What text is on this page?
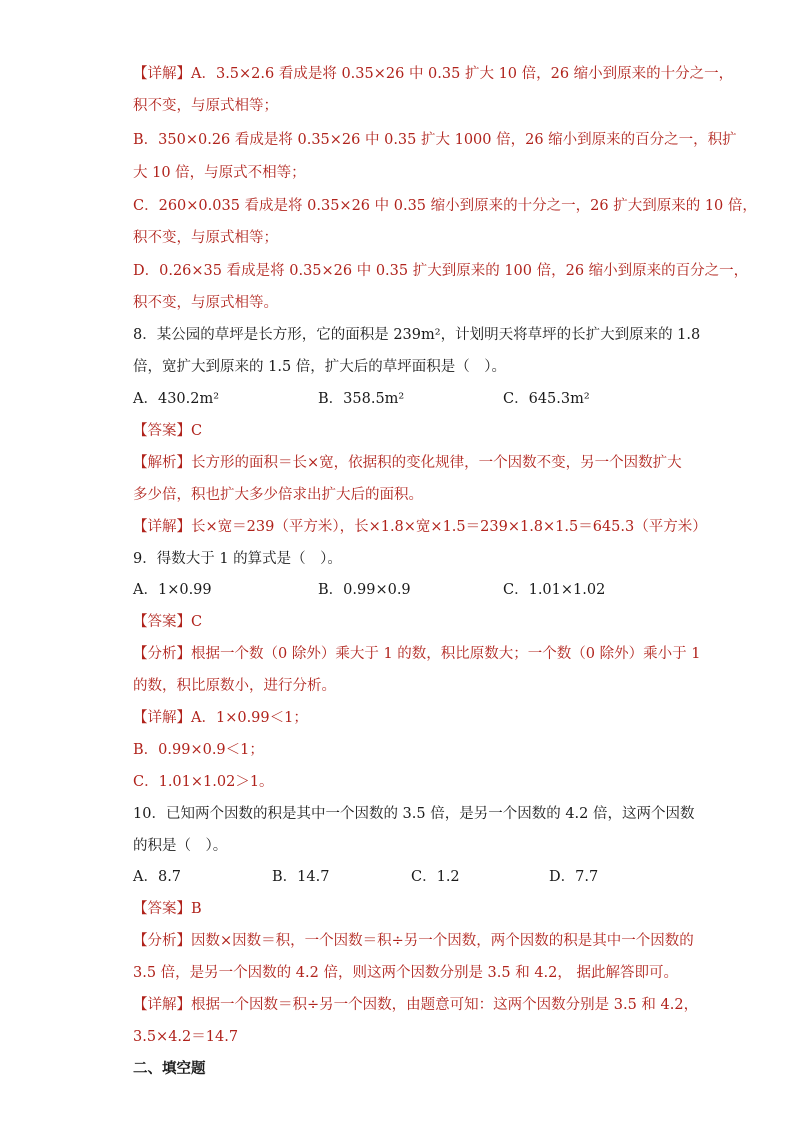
【详解】A．3.5×2.6 看成是将 0.35×26 中 0.35 扩大 10 倍，26 缩小到原来的十分之一，
积不变，与原式相等；
B．350×0.26 看成是将 0.35×26 中 0.35 扩大 1000 倍，26 缩小到原来的百分之一，积扩
大 10 倍，与原式不相等；
C．260×0.035 看成是将 0.35×26 中 0.35 缩小到原来的十分之一，26 扩大到原来的 10 倍，
积不变，与原式相等；
D．0.26×35 看成是将 0.35×26 中 0.35 扩大到原来的 100 倍，26 缩小到原来的百分之一，
积不变，与原式相等。
8．某公园的草坪是长方形，它的面积是 239m²，计划明天将草坪的长扩大到原来的 1.8
倍，宽扩大到原来的 1.5 倍，扩大后的草坪面积是（　）。
A．430.2m²	B．358.5m²	C．645.3m²
【答案】C
【解析】长方形的面积＝长×宽，依据积的变化规律，一个因数不变，另一个因数扩大
多少倍，积也扩大多少倍求出扩大后的面积。
【详解】长×宽＝239（平方米），长×1.8×宽×1.5＝239×1.8×1.5＝645.3（平方米）
9．得数大于 1 的算式是（　）。
A．1×0.99	B．0.99×0.9	C．1.01×1.02
【答案】C
【分析】根据一个数（0 除外）乘大于 1 的数，积比原数大；一个数（0 除外）乘小于 1
的数，积比原数小，进行分析。
【详解】A．1×0.99＜1；
B．0.99×0.9＜1；
C．1.01×1.02＞1。
10．已知两个因数的积是其中一个因数的 3.5 倍，是另一个因数的 4.2 倍，这两个因数
的积是（　）。
A．8.7	B．14.7	C．1.2	D．7.7
【答案】B
【分析】因数×因数＝积，一个因数＝积÷另一个因数，两个因数的积是其中一个因数的
3.5 倍，是另一个因数的 4.2 倍，则这两个因数分别是 3.5 和 4.2， 据此解答即可。
【详解】根据一个因数＝积÷另一个因数，由题意可知：这两个因数分别是 3.5 和 4.2，
3.5×4.2＝14.7
二、填空题
